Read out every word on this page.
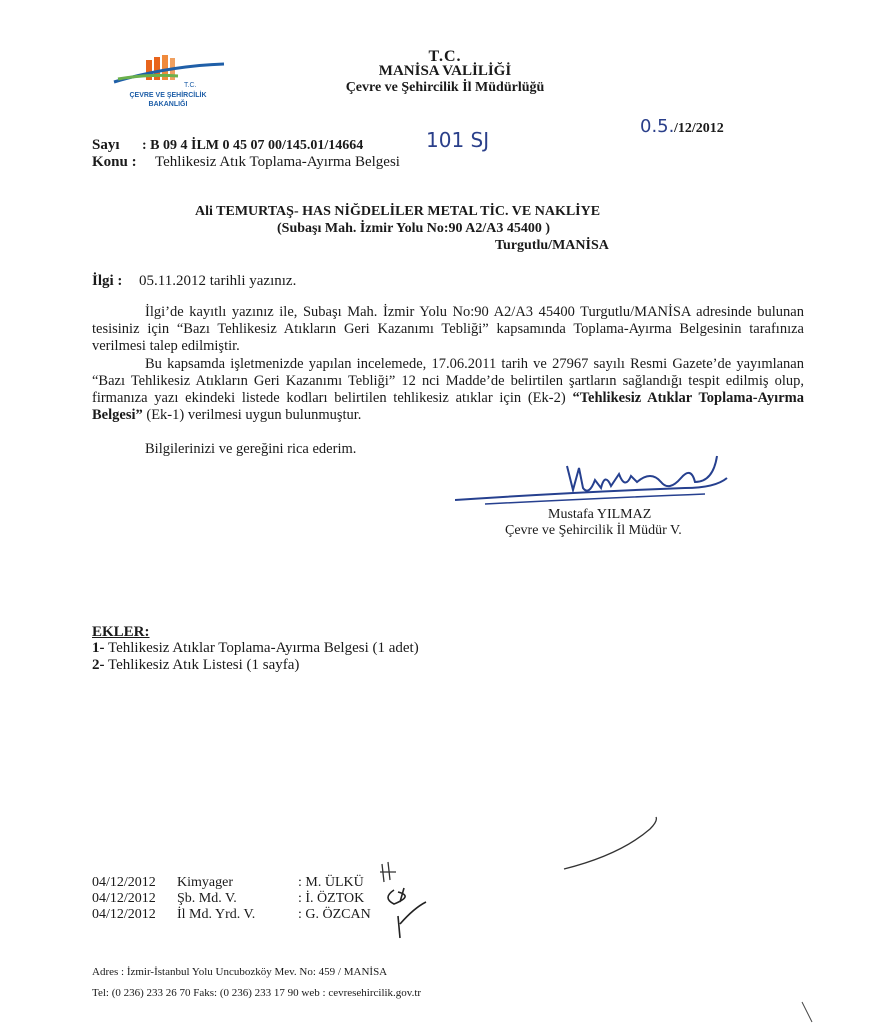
T.C.
ÇEVRE VE ŞEHİRCİLİK
BAKANLIĞI
T.C.
MANİSA VALİLİĞİ
Çevre ve Şehircilik İl Müdürlüğü
Sayı : B 09 4 İLM 0 45 07 00/145.01/14664	101 SJ
Konu : Tehlikesiz Atık Toplama-Ayırma Belgesi
0.5. /12/2012
Ali TEMURTAŞ- HAS NİĞDELİLER METAL TİC. VE NAKLİYE
(Subaşı Mah. İzmir Yolu No:90 A2/A3 45400 )
Turgutlu/MANİSA
İlgi : 05.11.2012 tarihli yazınız.
İlgi’de kayıtlı yazınız ile, Subaşı Mah. İzmir Yolu No:90 A2/A3 45400 Turgutlu/MANİSA adresinde bulunan tesisiniz için “Bazı Tehlikesiz Atıkların Geri Kazanımı Tebliği” kapsamında Toplama-Ayırma Belgesinin tarafınıza verilmesi talep edilmiştir.
Bu kapsamda işletmenizde yapılan incelemede, 17.06.2011 tarih ve 27967 sayılı Resmi Gazete’de yayımlanan “Bazı Tehlikesiz Atıkların Geri Kazanımı Tebliği” 12 nci Madde’de belirtilen şartların sağlandığı tespit edilmiş olup, firmanıza yazı ekindeki listede kodları belirtilen tehlikesiz atıklar için (Ek-2) “Tehlikesiz Atıklar Toplama-Ayırma Belgesi” (Ek-1) verilmesi uygun bulunmuştur.
Bilgilerinizi ve gereğini rica ederim.
Mustafa YILMAZ
Çevre ve Şehircilik İl Müdür V.
EKLER:
1- Tehlikesiz Atıklar Toplama-Ayırma Belgesi (1 adet)
2- Tehlikesiz Atık Listesi (1 sayfa)
04/12/2012 Kimyager	: M. ÜLKÜ
04/12/2012 Şb. Md. V.	: İ. ÖZTOK
04/12/2012 İl Md. Yrd. V.	: G. ÖZCAN
Adres : İzmir-İstanbul Yolu Uncubozköy Mev. No: 459 / MANİSA
Tel: (0 236) 233 26 70 Faks: (0 236) 233 17 90 web : cevresehircilik.gov.tr
